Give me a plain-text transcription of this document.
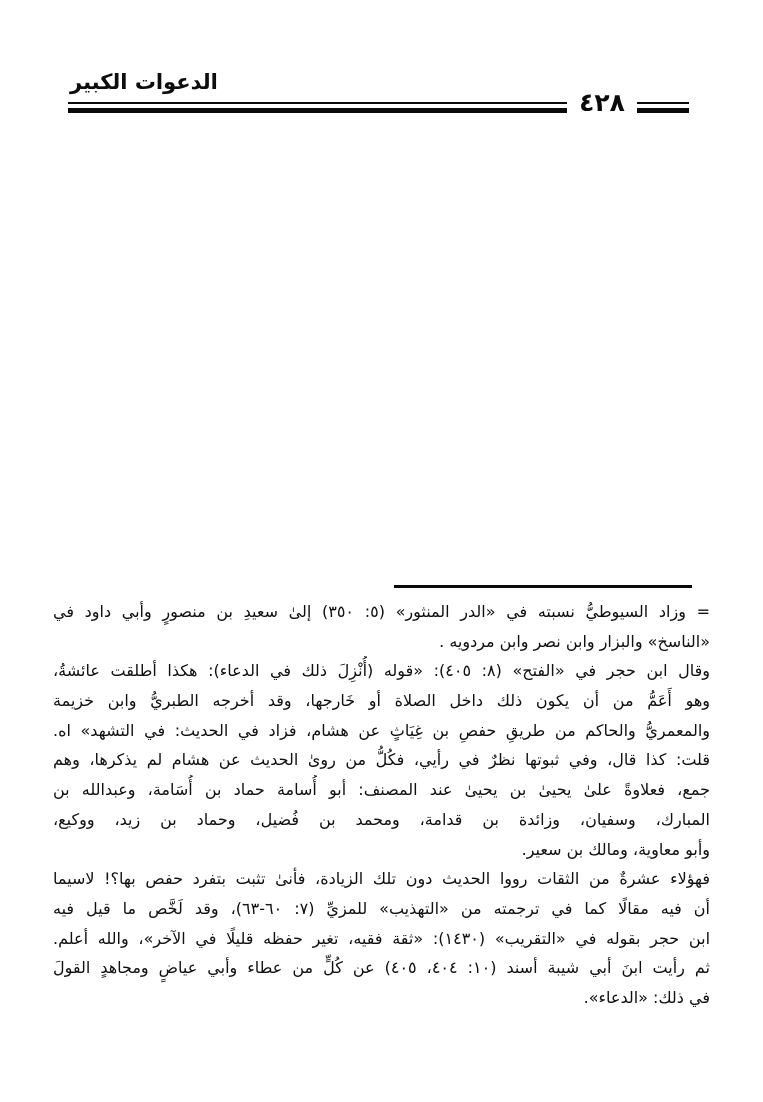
الدعوات الكبير
٤٢٨
= وزاد السيوطيُّ نسبته في «الدر المنثور» (٥: ٣٥٠) إلىٰ سعيدِ بن منصورٍ وأبي داود في
«الناسخ» والبزار وابن نصر وابن مردويه .
وقال ابن حجر في «الفتح» (٨: ٤٠٥): «قوله (أُنْزِلَ ذلك في الدعاء): هكذا أطلقت عائشةُ،
وهو أَعَمُّ من أن يكون ذلك داخل الصلاة أو خَارجها، وقد أخرجه الطبريُّ وابن خزيمة
والمعمريُّ والحاكم من طريقِ حفصِ بن غِيَاثٍ عن هشام، فزاد في الحديث: في التشهد» اه.
قلت: كذا قال، وفي ثبوتها نظرٌ في رأيي، فكُلُّ من روىٰ الحديث عن هشام لم يذكرها، وهم
جمع، فعلاوةً علىٰ يحيىٰ بن يحيىٰ عند المصنف: أبو أُسامة حماد بن أُسَامة، وعبدالله بن
المبارك، وسفيان، وزائدة بن قدامة، ومحمد بن فُضيل، وحماد بن زيد، ووكيع،
وأبو معاوية، ومالك بن سعير.
فهؤلاء عشرةٌ من الثقات رووا الحديث دون تلك الزيادة، فأنىٰ تثبت بتفرد حفص بها؟! لاسيما
أن فيه مقالًا كما في ترجمته من «التهذيب» للمزيِّ (٧: ٦٠-٦٣)، وقد لَخَّص ما قيل فيه
ابن حجر بقوله في «التقريب» (١٤٣٠): «ثقة فقيه، تغير حفظه قليلًا في الآخر»، والله أعلم.
ثم رأيت ابنَ أبي شيبة أسند (١٠: ٤٠٤، ٤٠٥) عن كُلٍّ من عطاء وأبي عياضٍ ومجاهدٍ القولَ
في ذلك: «الدعاء».
